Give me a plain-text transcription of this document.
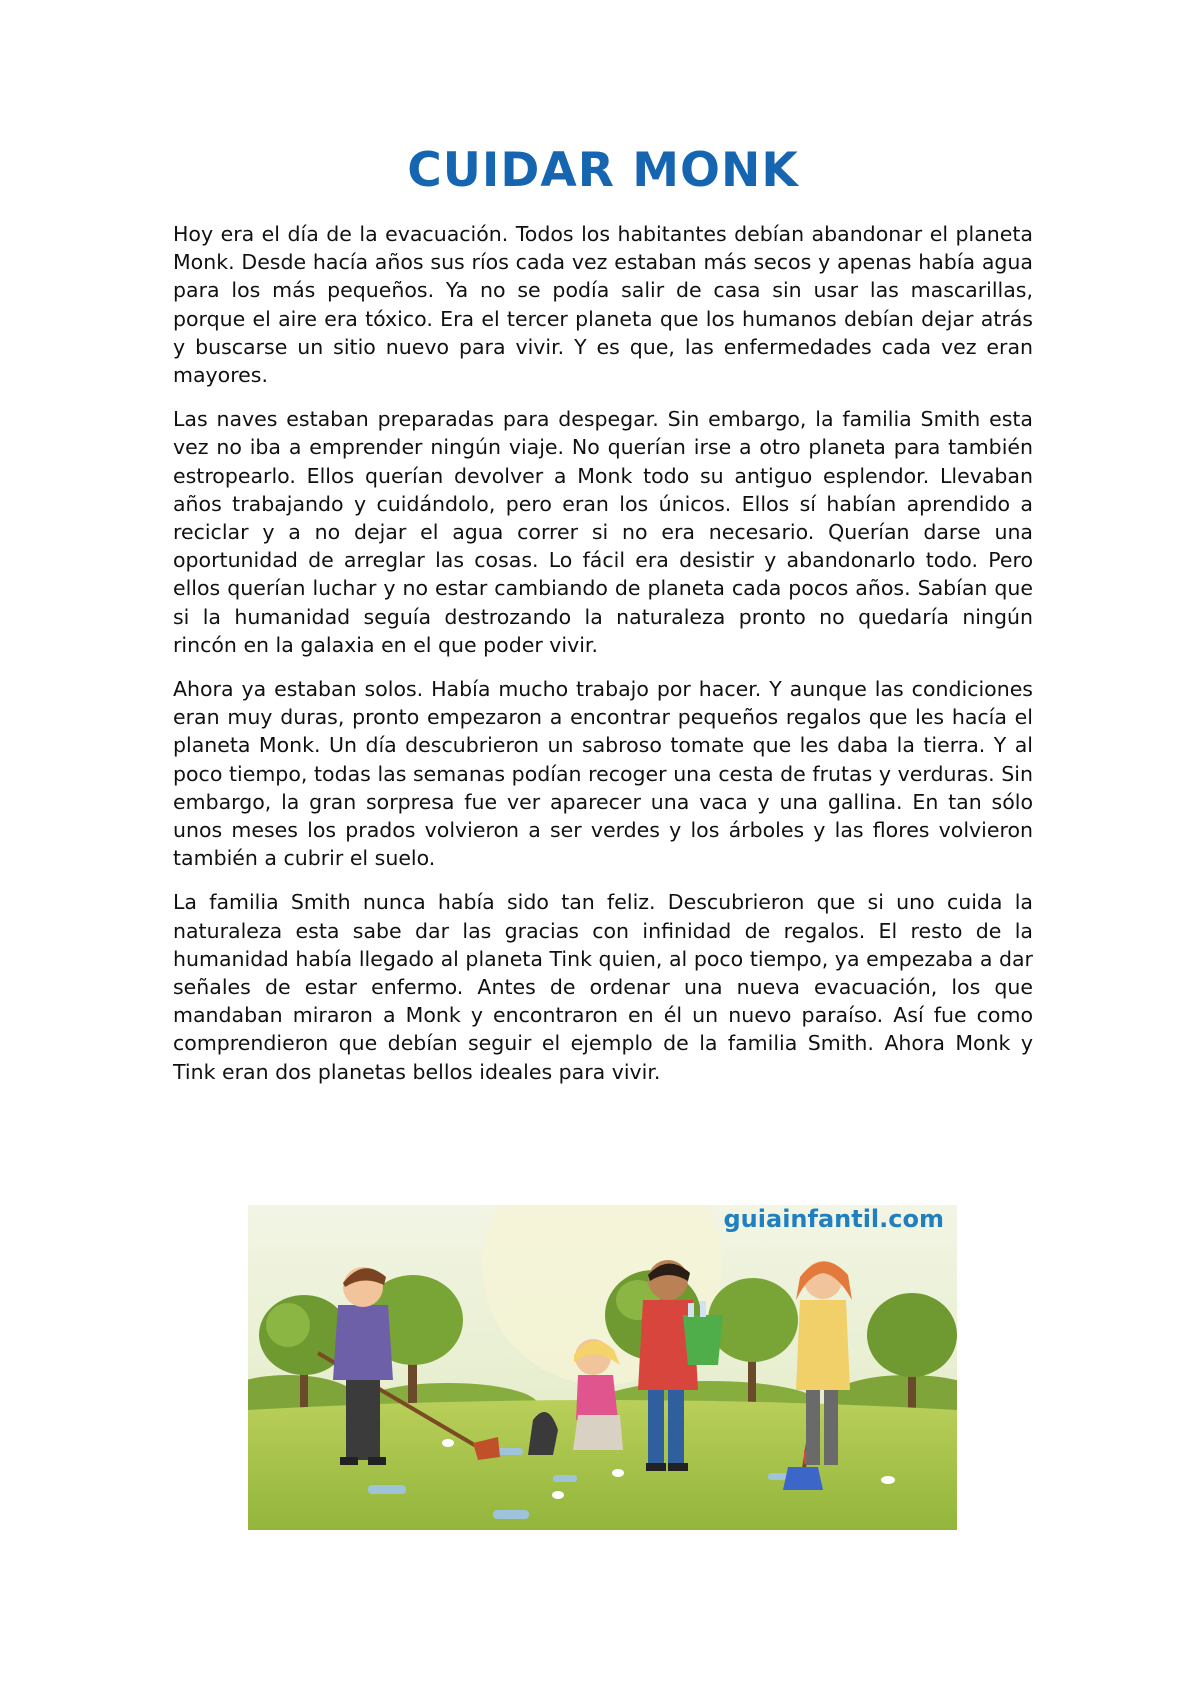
CUIDAR MONK

Hoy era el día de la evacuación. Todos los habitantes debían abandonar el planeta Monk. Desde hacía años sus ríos cada vez estaban más secos y apenas había agua para los más pequeños. Ya no se podía salir de casa sin usar las mascarillas, porque el aire era tóxico. Era el tercer planeta que los humanos debían dejar atrás y buscarse un sitio nuevo para vivir. Y es que, las enfermedades cada vez eran mayores.

Las naves estaban preparadas para despegar. Sin embargo, la familia Smith esta vez no iba a emprender ningún viaje. No querían irse a otro planeta para también estropearlo. Ellos querían devolver a Monk todo su antiguo esplendor. Llevaban años trabajando y cuidándolo, pero eran los únicos. Ellos sí habían aprendido a reciclar y a no dejar el agua correr si no era necesario. Querían darse una oportunidad de arreglar las cosas. Lo fácil era desistir y abandonarlo todo. Pero ellos querían luchar y no estar cambiando de planeta cada pocos años. Sabían que si la humanidad seguía destrozando la naturaleza pronto no quedaría ningún rincón en la galaxia en el que poder vivir.

Ahora ya estaban solos. Había mucho trabajo por hacer. Y aunque las condiciones eran muy duras, pronto empezaron a encontrar pequeños regalos que les hacía el planeta Monk. Un día descubrieron un sabroso tomate que les daba la tierra. Y al poco tiempo, todas las semanas podían recoger una cesta de frutas y verduras. Sin embargo, la gran sorpresa fue ver aparecer una vaca y una gallina. En tan sólo unos meses los prados volvieron a ser verdes y los árboles y las flores volvieron también a cubrir el suelo.

La familia Smith nunca había sido tan feliz. Descubrieron que si uno cuida la naturaleza esta sabe dar las gracias con infinidad de regalos. El resto de la humanidad había llegado al planeta Tink quien, al poco tiempo, ya empezaba a dar señales de estar enfermo. Antes de ordenar una nueva evacuación, los que mandaban miraron a Monk y encontraron en él un nuevo paraíso. Así fue como comprendieron que debían seguir el ejemplo de la familia Smith. Ahora Monk y Tink eran dos planetas bellos ideales para vivir.

guiainfantil.com
